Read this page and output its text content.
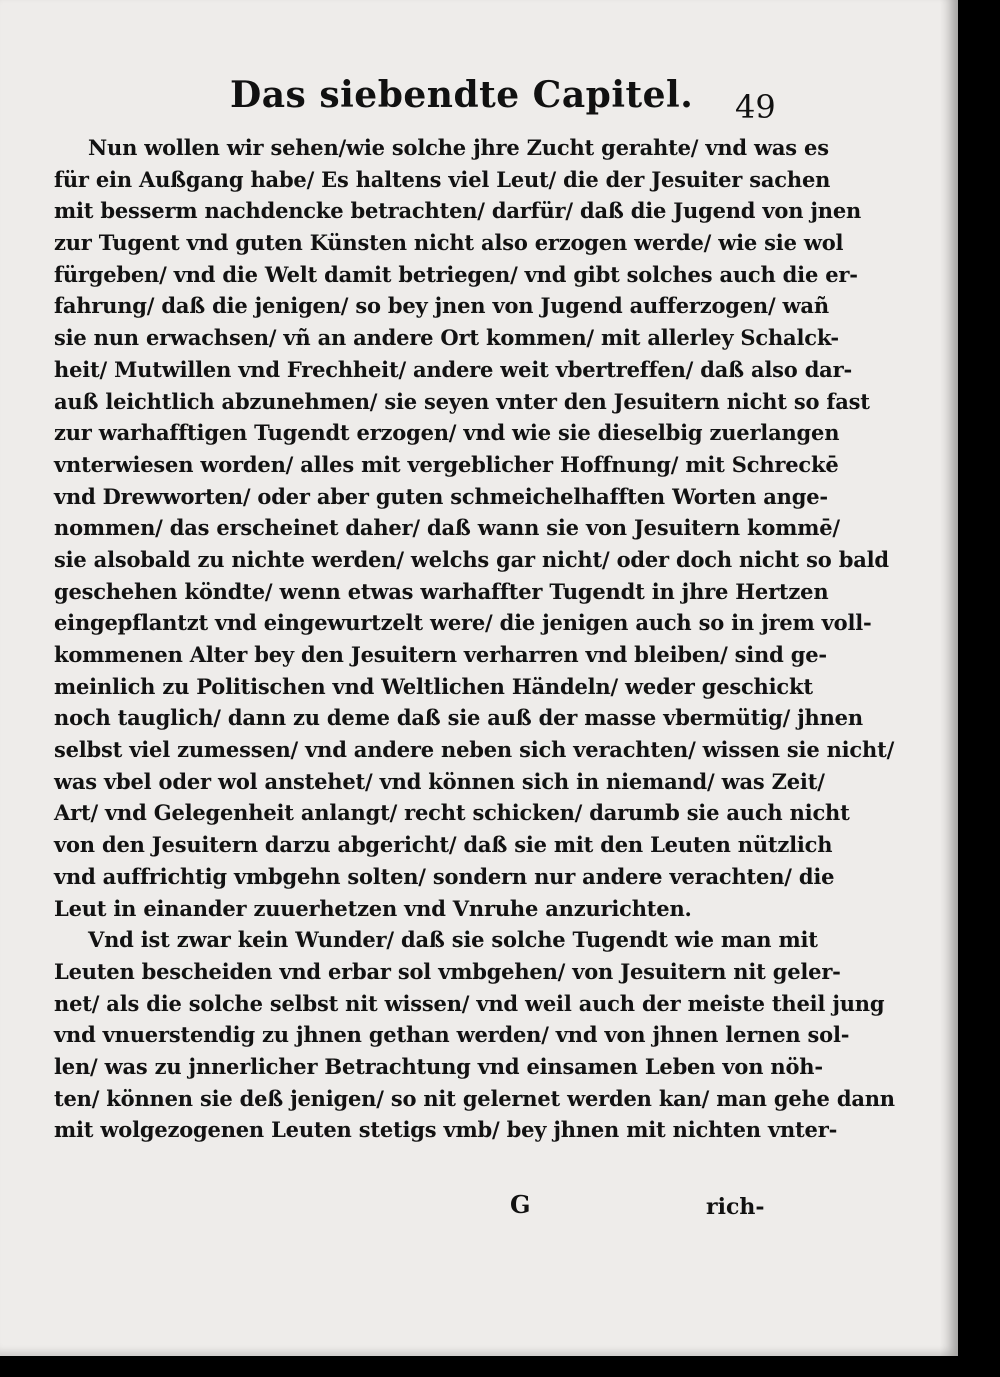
Das siebendte Capitel. 49
Nun wollen wir sehen/wie solche jhre Zucht gerahte/ vnd was es
für ein Außgang habe/ Es haltens viel Leut/ die der Jesuiter sachen
mit besserm nachdencke betrachten/ darfür/ daß die Jugend von jnen
zur Tugent vnd guten Künsten nicht also erzogen werde/ wie sie wol
fürgeben/ vnd die Welt damit betriegen/ vnd gibt solches auch die er-
fahrung/ daß die jenigen/ so bey jnen von Jugend aufferzogen/ wañ
sie nun erwachsen/ vñ an andere Ort kommen/ mit allerley Schalck-
heit/ Mutwillen vnd Frechheit/ andere weit vbertreffen/ daß also dar-
auß leichtlich abzunehmen/ sie seyen vnter den Jesuitern nicht so fast
zur warhafftigen Tugendt erzogen/ vnd wie sie dieselbig zuerlangen
vnterwiesen worden/ alles mit vergeblicher Hoffnung/ mit Schreckē
vnd Drewworten/ oder aber guten schmeichelhafften Worten ange-
nommen/ das erscheinet daher/ daß wann sie von Jesuitern kommē/
sie alsobald zu nichte werden/ welchs gar nicht/ oder doch nicht so bald
geschehen köndte/ wenn etwas warhaffter Tugendt in jhre Hertzen
eingepflantzt vnd eingewurtzelt were/ die jenigen auch so in jrem voll-
kommenen Alter bey den Jesuitern verharren vnd bleiben/ sind ge-
meinlich zu Politischen vnd Weltlichen Händeln/ weder geschickt
noch tauglich/ dann zu deme daß sie auß der masse vbermütig/ jhnen
selbst viel zumessen/ vnd andere neben sich verachten/ wissen sie nicht/
was vbel oder wol anstehet/ vnd können sich in niemand/ was Zeit/
Art/ vnd Gelegenheit anlangt/ recht schicken/ darumb sie auch nicht
von den Jesuitern darzu abgericht/ daß sie mit den Leuten nützlich
vnd auffrichtig vmbgehn solten/ sondern nur andere verachten/ die
Leut in einander zuuerhetzen vnd Vnruhe anzurichten.
Vnd ist zwar kein Wunder/ daß sie solche Tugendt wie man mit
Leuten bescheiden vnd erbar sol vmbgehen/ von Jesuitern nit geler-
net/ als die solche selbst nit wissen/ vnd weil auch der meiste theil jung
vnd vnuerstendig zu jhnen gethan werden/ vnd von jhnen lernen sol-
len/ was zu jnnerlicher Betrachtung vnd einsamen Leben von nöh-
ten/ können sie deß jenigen/ so nit gelernet werden kan/ man gehe dann
mit wolgezogenen Leuten stetigs vmb/ bey jhnen mit nichten vnter-
G	rich-
